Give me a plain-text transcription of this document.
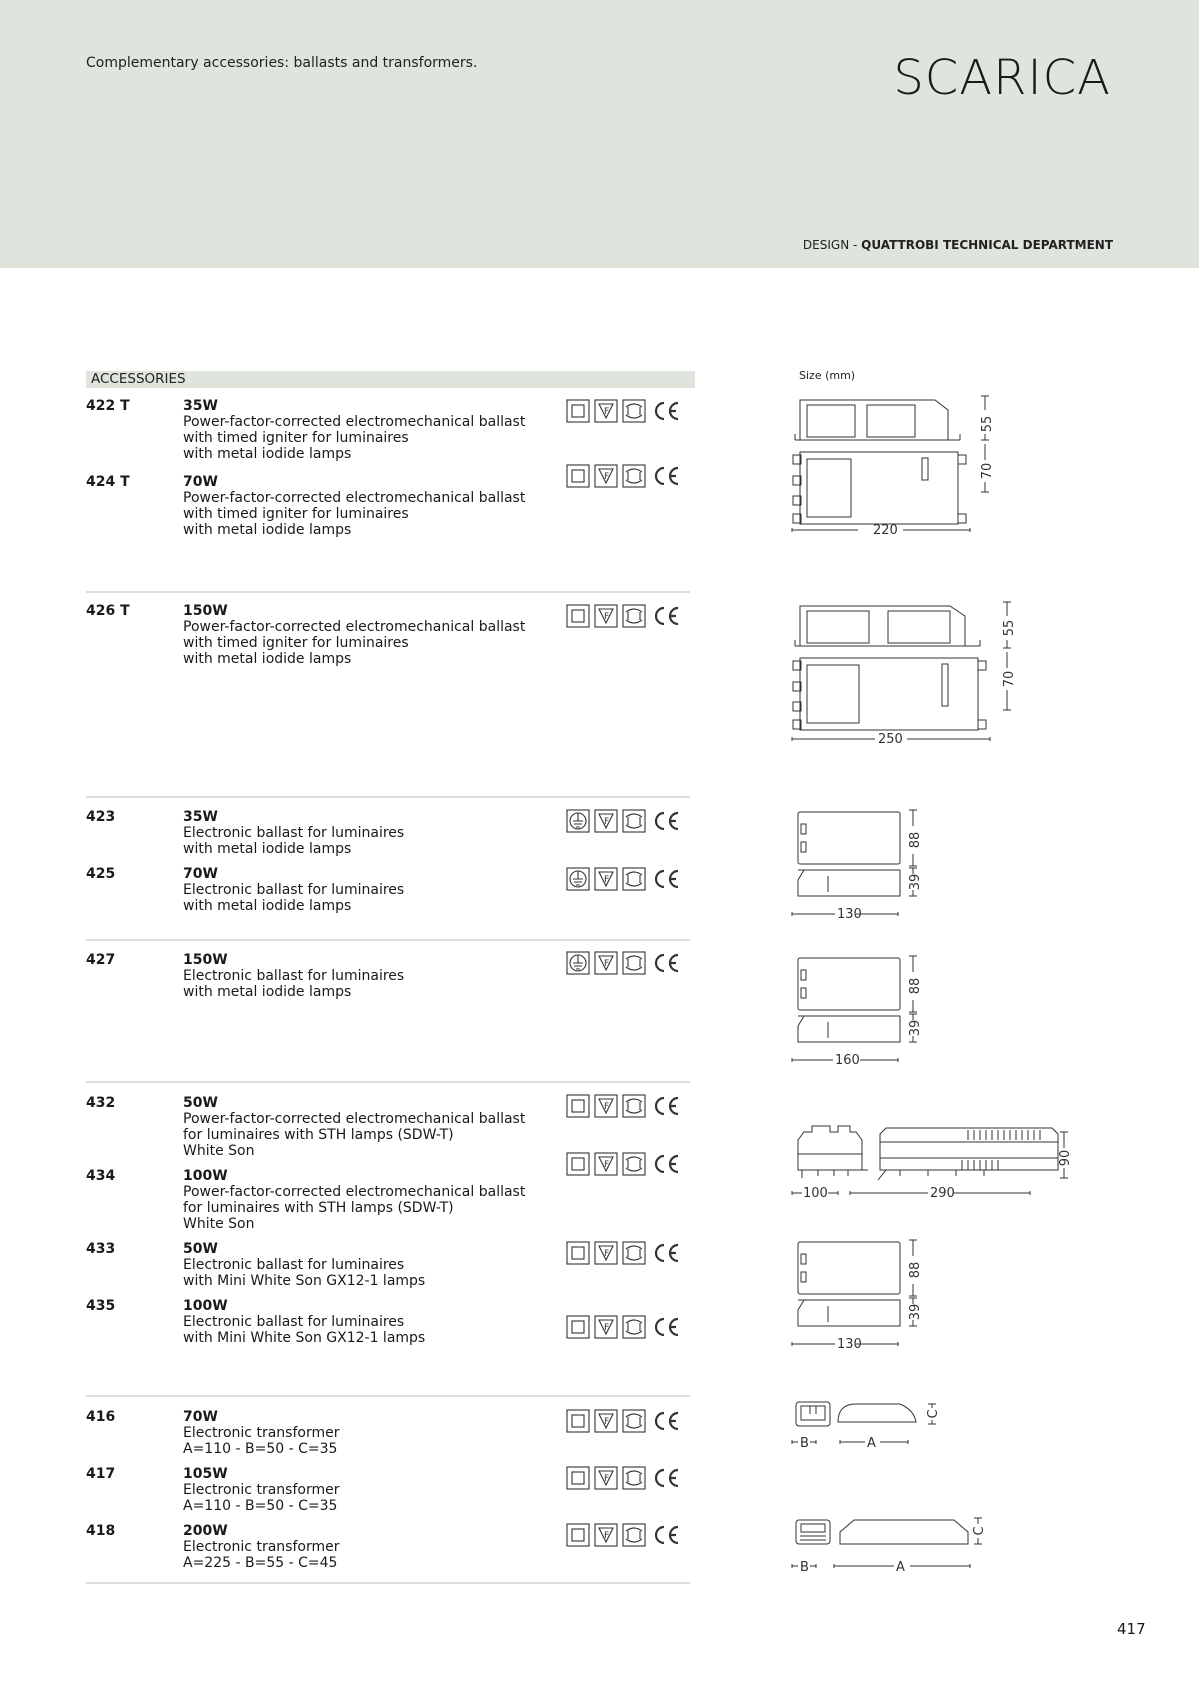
Complementary accessories: ballasts and transformers.	SCARICA
DESIGN - QUATTROBI TECHNICAL DEPARTMENT
ACCESSORIES	Size (mm)
422 T	35W
Power-factor-corrected electromechanical ballast
with timed igniter for luminaires
with metal iodide lamps
424 T	70W
Power-factor-corrected electromechanical ballast
with timed igniter for luminaires
with metal iodide lamps
426 T	150W
Power-factor-corrected electromechanical ballast
with timed igniter for luminaires
with metal iodide lamps
423	35W
Electronic ballast for luminaires
with metal iodide lamps
425	70W
Electronic ballast for luminaires
with metal iodide lamps
427	150W
Electronic ballast for luminaires
with metal iodide lamps
432	50W
Power-factor-corrected electromechanical ballast
for luminaires with STH lamps (SDW-T)
White Son
434	100W
Power-factor-corrected electromechanical ballast
for luminaires with STH lamps (SDW-T)
White Son
433	50W
Electronic ballast for luminaires
with Mini White Son GX12-1 lamps
435	100W
Electronic ballast for luminaires
with Mini White Son GX12-1 lamps
416	70W
Electronic transformer
A=110 - B=50 - C=35
417	105W
Electronic transformer
A=110 - B=50 - C=35
418	200W
Electronic transformer
A=225 - B=55 - C=45
F
F
F
F
F
F
F
F
F
F
F
F
F
220
55
70
250
55
70
130
88
39
160
88
39
100	290
90
130
88
39
B	A
C
B	A
C
417
